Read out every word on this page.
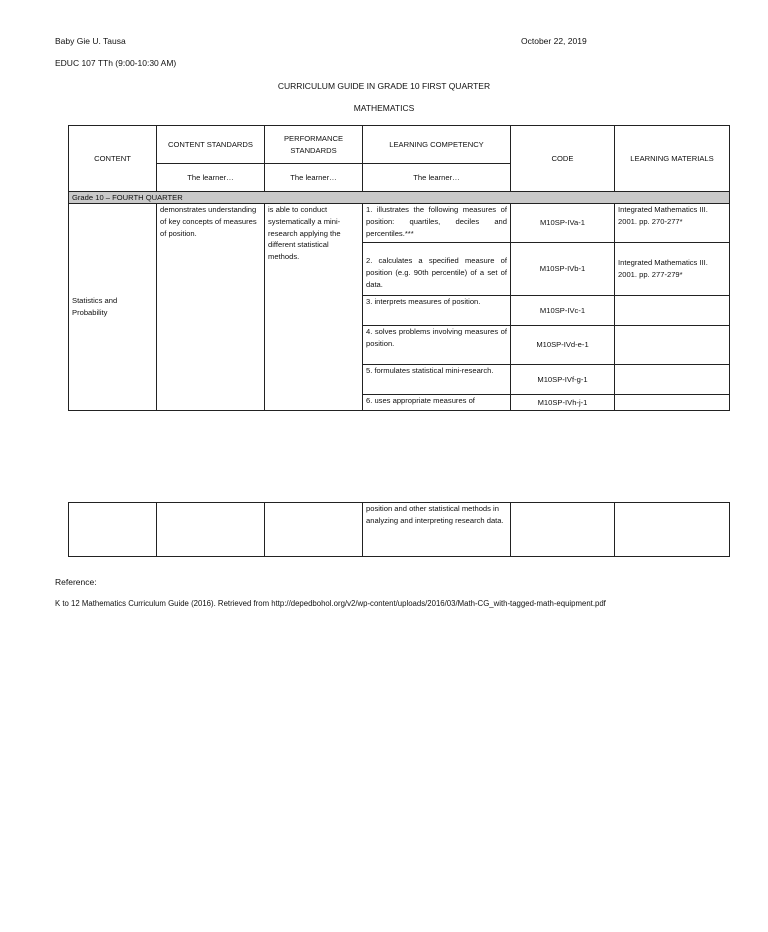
Baby Gie U. Tausa	October 22, 2019
EDUC 107 TTh (9:00-10:30 AM)
CURRICULUM GUIDE IN GRADE 10 FIRST QUARTER
MATHEMATICS
CONTENT	CONTENT STANDARDS	PERFORMANCE STANDARDS	LEARNING COMPETENCY	CODE	LEARNING MATERIALS
	The learner…	The learner…	The learner…		
Grade 10 – FOURTH QUARTER					
Statistics and Probability	demonstrates understanding of key concepts of measures of position.	is able to conduct systematically a mini-research applying the different statistical methods.	1. illustrates the following measures of position: quartiles, deciles and percentiles.***	M10SP-IVa-1	Integrated Mathematics III. 2001. pp. 270-277*
			2. calculates a specified measure of position (e.g. 90th percentile) of a set of data.	M10SP-IVb-1	Integrated Mathematics III. 2001. pp. 277-279*
			3. interprets measures of position.	M10SP-IVc-1	
			4. solves problems involving measures of position.	M10SP-IVd-e-1	
			5. formulates statistical mini-research.	M10SP-IVf-g-1	
			6. uses appropriate measures of	M10SP-IVh-j-1	
			position and other statistical methods in analyzing and interpreting research data.		
Reference:
K to 12 Mathematics Curriculum Guide (2016). Retrieved from http://depedbohol.org/v2/wp-content/uploads/2016/03/Math-CG_with-tagged-math-equipment.pdf
